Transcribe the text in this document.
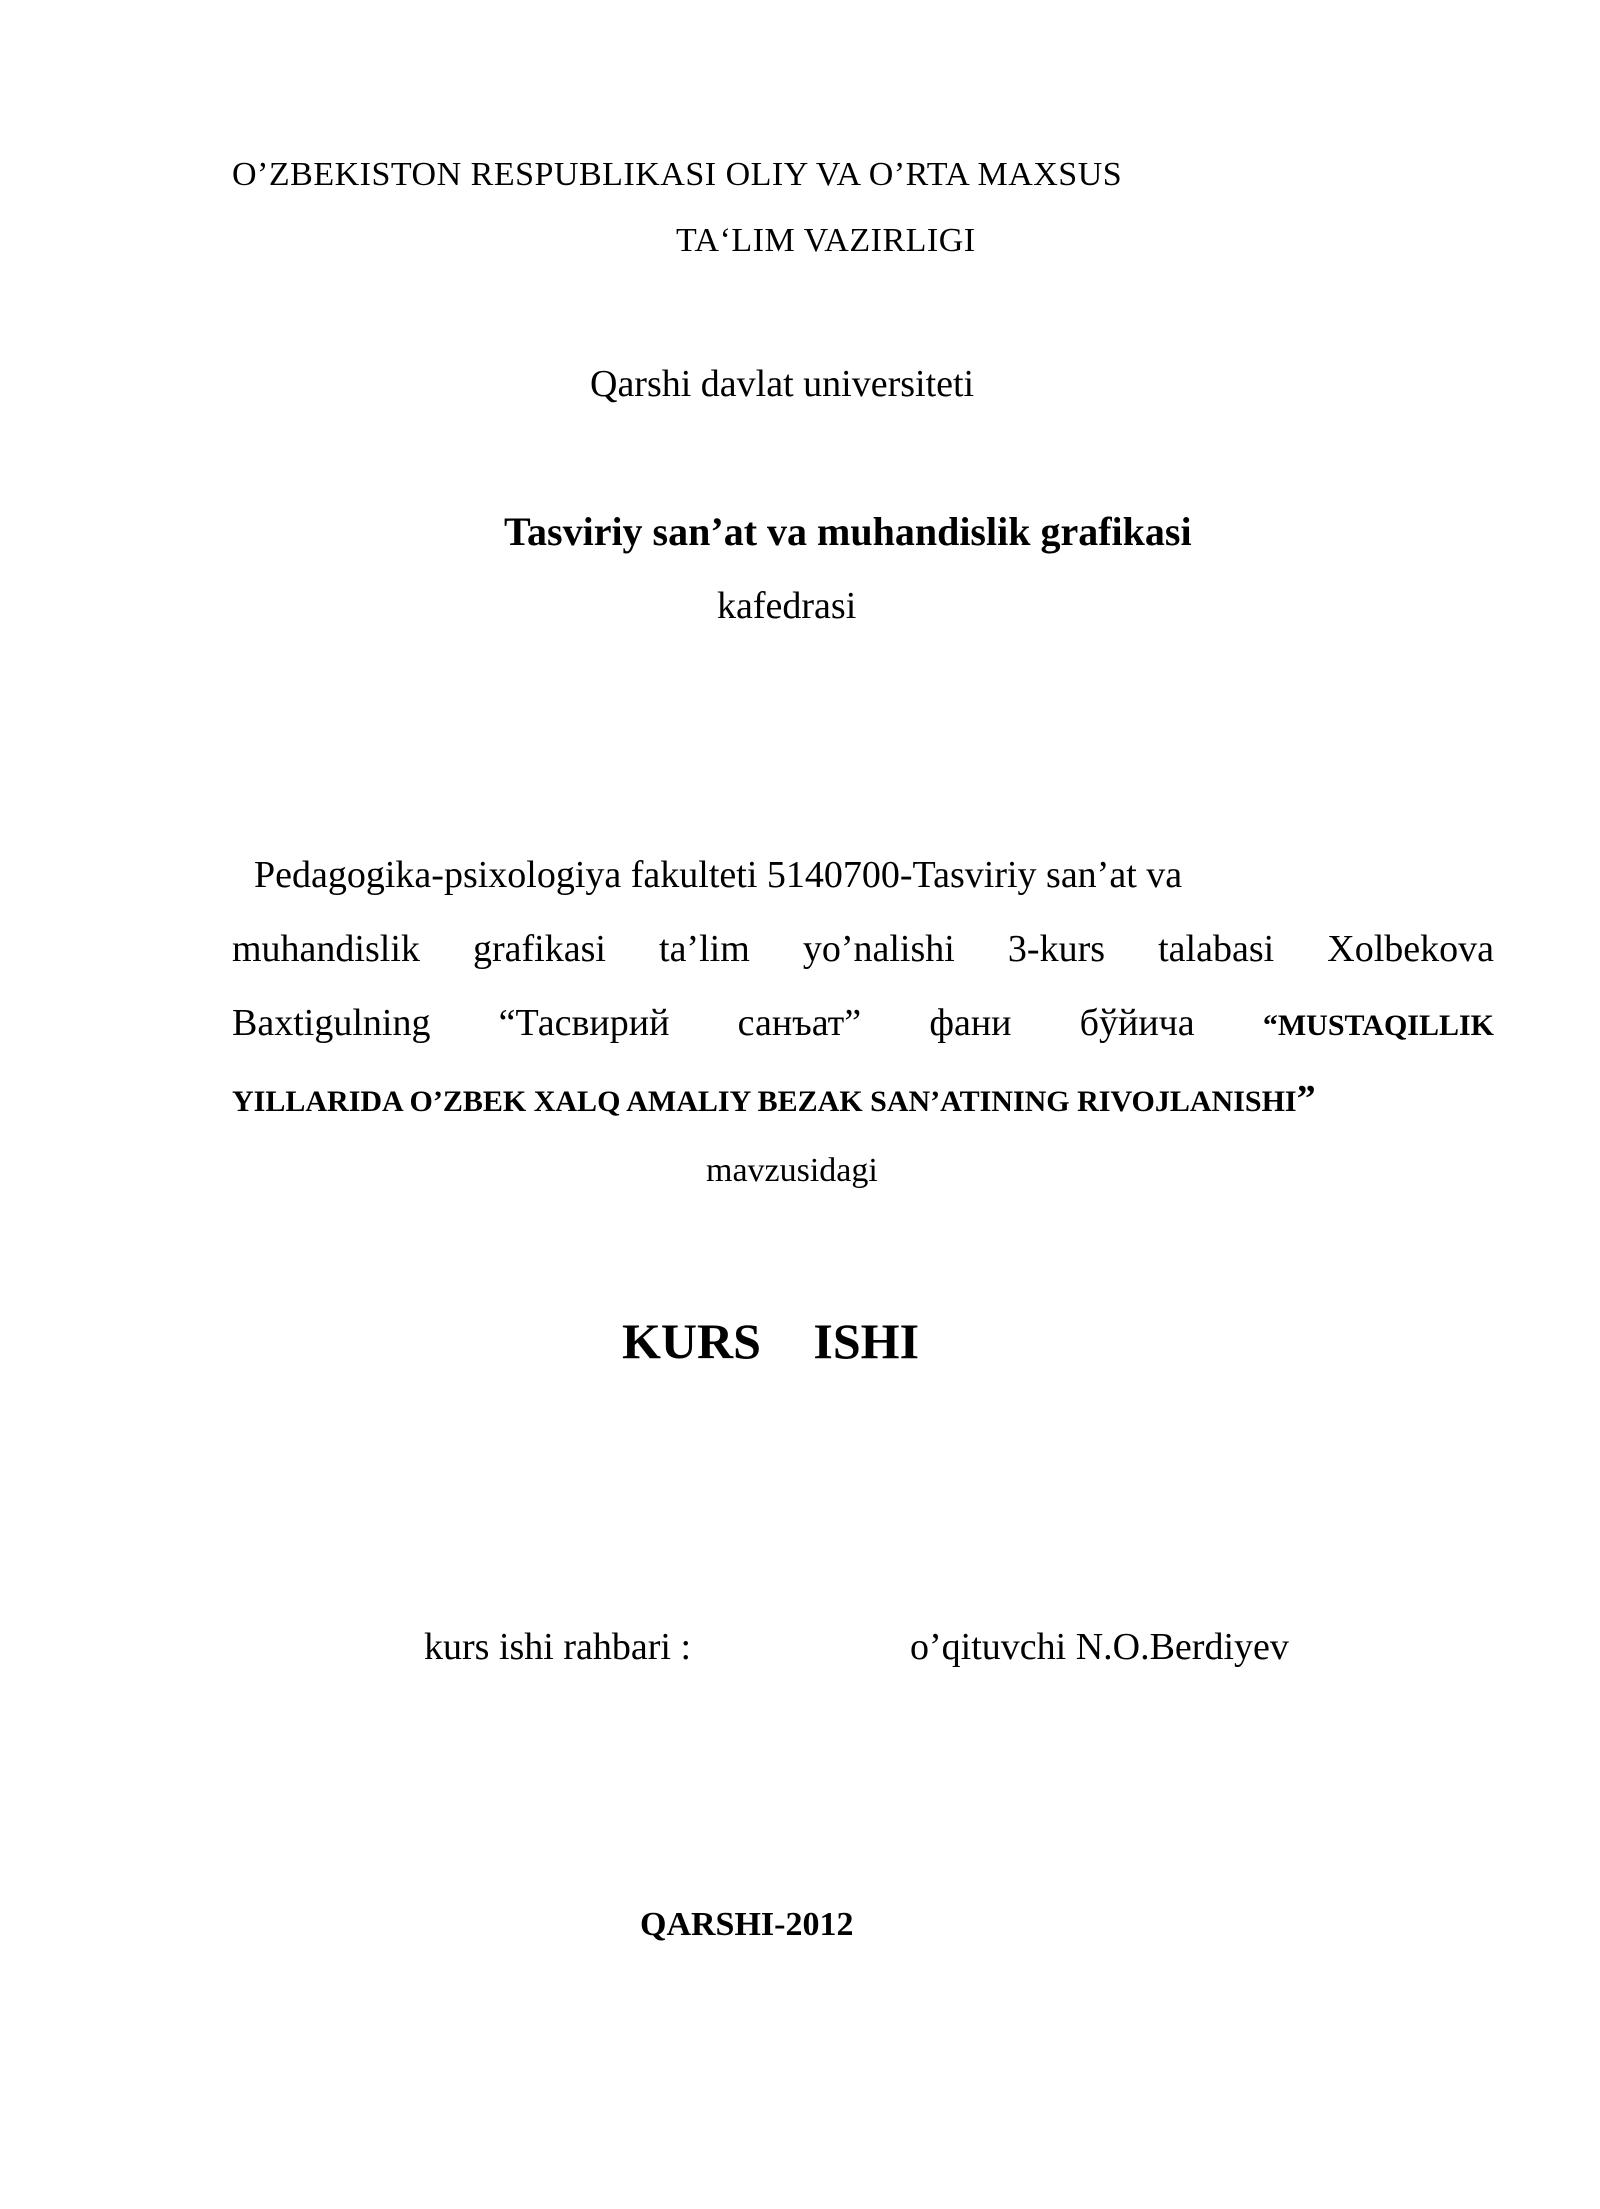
O’ZBEKISTON RESPUBLIKASI OLIY VA O’RTA MAXSUS
TA‘LIM VAZIRLIGI
Qarshi davlat universiteti
Tasviriy san’at va muhandislik grafikasi
kafedrasi
Pedagogika-psixologiya fakulteti 5140700-Tasviriy san’at va
muhandislik grafikasi ta’lim yo’nalishi 3-kurs talabasi Xolbekova
Baxtigulning “Тасвирий санъат” фани бўйича “MUSTAQILLIK
YILLARIDA O’ZBEK XALQ AMALIY BEZAK SAN’ATINING RIVOJLANISHI”
mavzusidagi
KURS ISHI
kurs ishi rahbari :	o’qituvchi N.O.Berdiyev
QARSHI-2012
